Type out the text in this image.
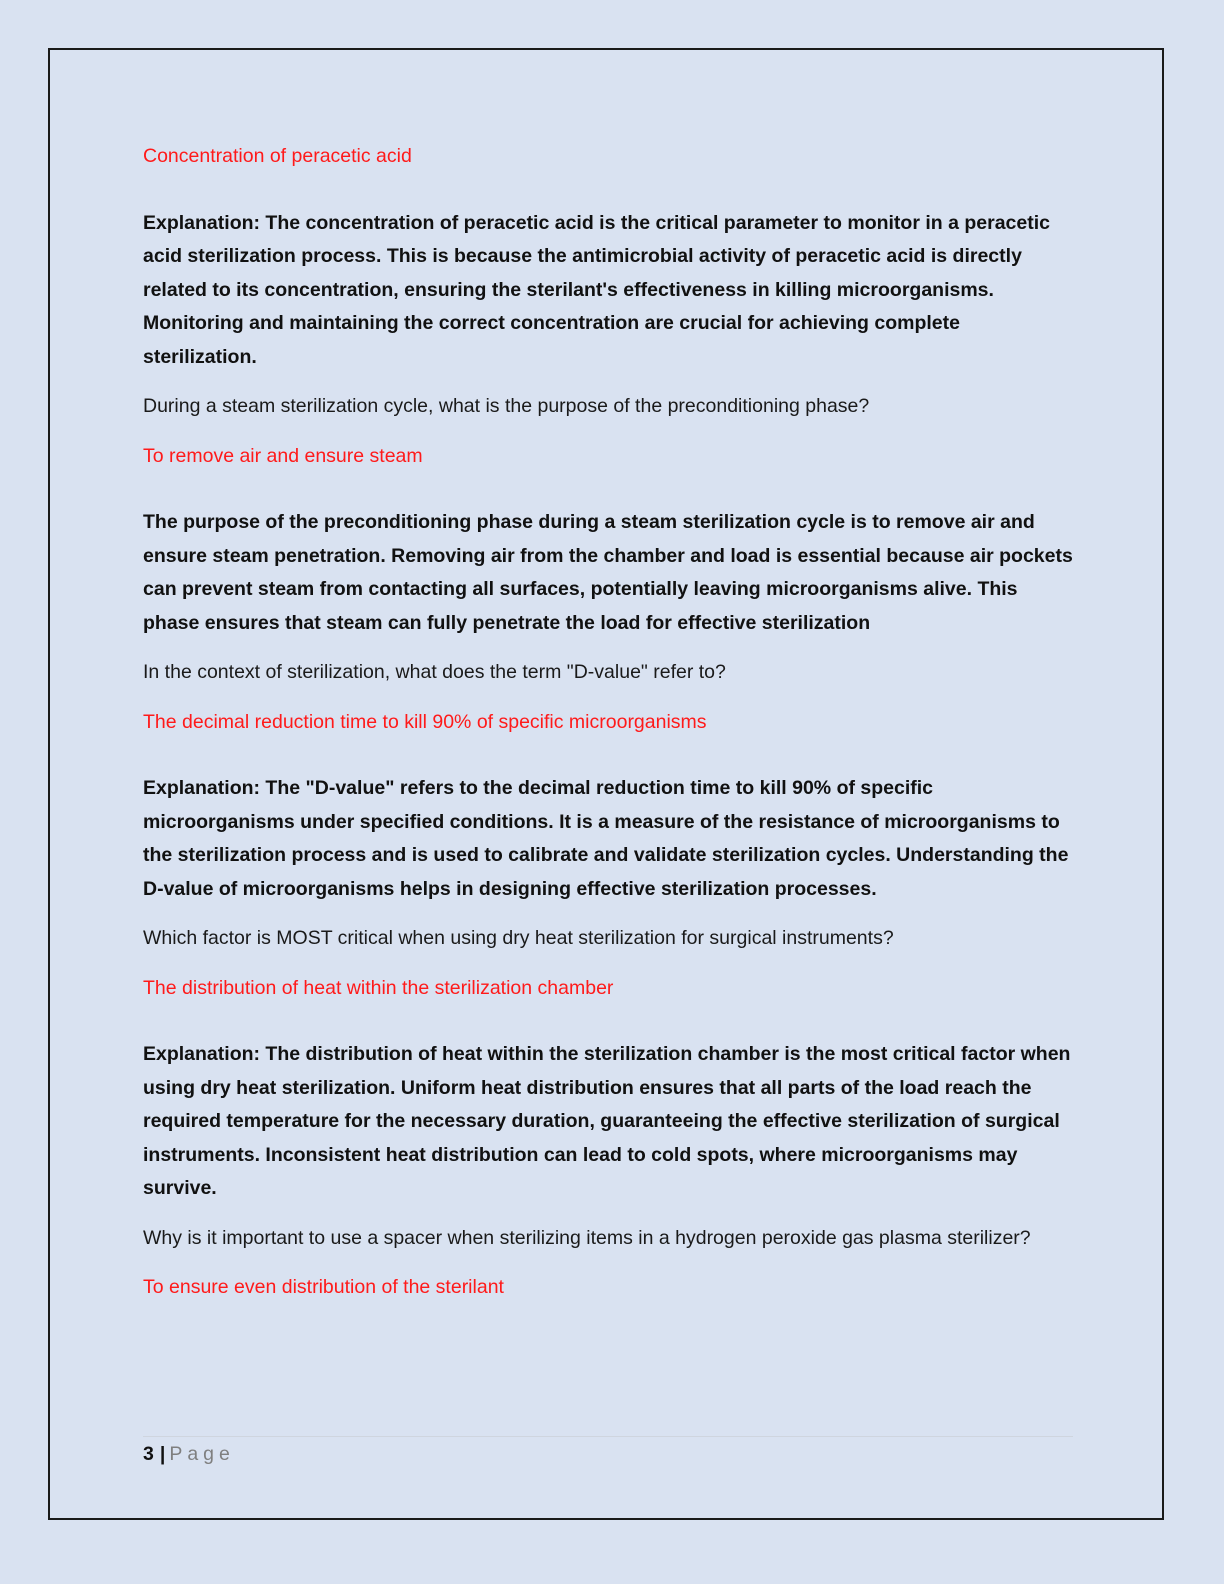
Concentration of peracetic acid

Explanation: The concentration of peracetic acid is the critical parameter to monitor in a peracetic acid sterilization process. This is because the antimicrobial activity of peracetic acid is directly related to its concentration, ensuring the sterilant's effectiveness in killing microorganisms. Monitoring and maintaining the correct concentration are crucial for achieving complete sterilization.

During a steam sterilization cycle, what is the purpose of the preconditioning phase?

To remove air and ensure steam

The purpose of the preconditioning phase during a steam sterilization cycle is to remove air and ensure steam penetration. Removing air from the chamber and load is essential because air pockets can prevent steam from contacting all surfaces, potentially leaving microorganisms alive. This phase ensures that steam can fully penetrate the load for effective sterilization

In the context of sterilization, what does the term "D-value" refer to?

The decimal reduction time to kill 90% of specific microorganisms

Explanation: The "D-value" refers to the decimal reduction time to kill 90% of specific microorganisms under specified conditions. It is a measure of the resistance of microorganisms to the sterilization process and is used to calibrate and validate sterilization cycles. Understanding the D-value of microorganisms helps in designing effective sterilization processes.

Which factor is MOST critical when using dry heat sterilization for surgical instruments?

The distribution of heat within the sterilization chamber

Explanation: The distribution of heat within the sterilization chamber is the most critical factor when using dry heat sterilization. Uniform heat distribution ensures that all parts of the load reach the required temperature for the necessary duration, guaranteeing the effective sterilization of surgical instruments. Inconsistent heat distribution can lead to cold spots, where microorganisms may survive.

Why is it important to use a spacer when sterilizing items in a hydrogen peroxide gas plasma sterilizer?

To ensure even distribution of the sterilant

3 | Page
